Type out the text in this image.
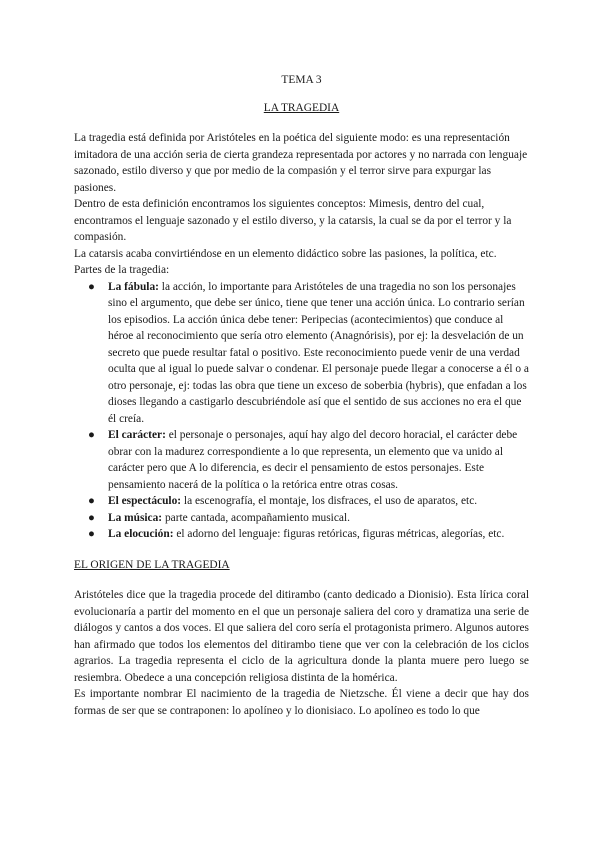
TEMA 3
LA TRAGEDIA

La tragedia está definida por Aristóteles en la poética del siguiente modo: es una representación imitadora de una acción seria de cierta grandeza representada por actores y no narrada con lenguaje sazonado, estilo diverso y que por medio de la compasión y el terror sirve para expurgar las pasiones.

Dentro de esta definición encontramos los siguientes conceptos: Mimesis, dentro del cual, encontramos el lenguaje sazonado y el estilo diverso, y la catarsis, la cual se da por el terror y la compasión.

La catarsis acaba convirtiéndose en un elemento didáctico sobre las pasiones, la política, etc.

Partes de la tragedia:

● La fábula: la acción, lo importante para Aristóteles de una tragedia no son los personajes sino el argumento, que debe ser único, tiene que tener una acción única. Lo contrario serían los episodios. La acción única debe tener: Peripecias (acontecimientos) que conduce al héroe al reconocimiento que sería otro elemento (Anagnórisis), por ej: la desvelación de un secreto que puede resultar fatal o positivo. Este reconocimiento puede venir de una verdad oculta que al igual lo puede salvar o condenar. El personaje puede llegar a conocerse a él o a otro personaje, ej: todas las obra que tiene un exceso de soberbia (hybris), que enfadan a los dioses llegando a castigarlo descubriéndole así que el sentido de sus acciones no era el que él creía.
● El carácter: el personaje o personajes, aquí hay algo del decoro horacial, el carácter debe obrar con la madurez correspondiente a lo que representa, un elemento que va unido al carácter pero que A lo diferencia, es decir el pensamiento de estos personajes. Este pensamiento nacerá de la política o la retórica entre otras cosas.
● El espectáculo: la escenografía, el montaje, los disfraces, el uso de aparatos, etc.
● La música: parte cantada, acompañamiento musical.
● La elocución: el adorno del lenguaje: figuras retóricas, figuras métricas, alegorías, etc.
EL ORIGEN DE LA TRAGEDIA

Aristóteles dice que la tragedia procede del ditirambo (canto dedicado a Dionisio). Esta lírica coral evolucionaría a partir del momento en el que un personaje saliera del coro y dramatiza una serie de diálogos y cantos a dos voces. El que saliera del coro sería el protagonista primero. Algunos autores han afirmado que todos los elementos del ditirambo tiene que ver con la celebración de los ciclos agrarios. La tragedia representa el ciclo de la agricultura donde la planta muere pero luego se resiembra. Obedece a una concepción religiosa distinta de la homérica.

Es importante nombrar El nacimiento de la tragedia de Nietzsche. Él viene a decir que hay dos formas de ser que se contraponen: lo apolíneo y lo dionisiaco. Lo apolíneo es todo lo que
